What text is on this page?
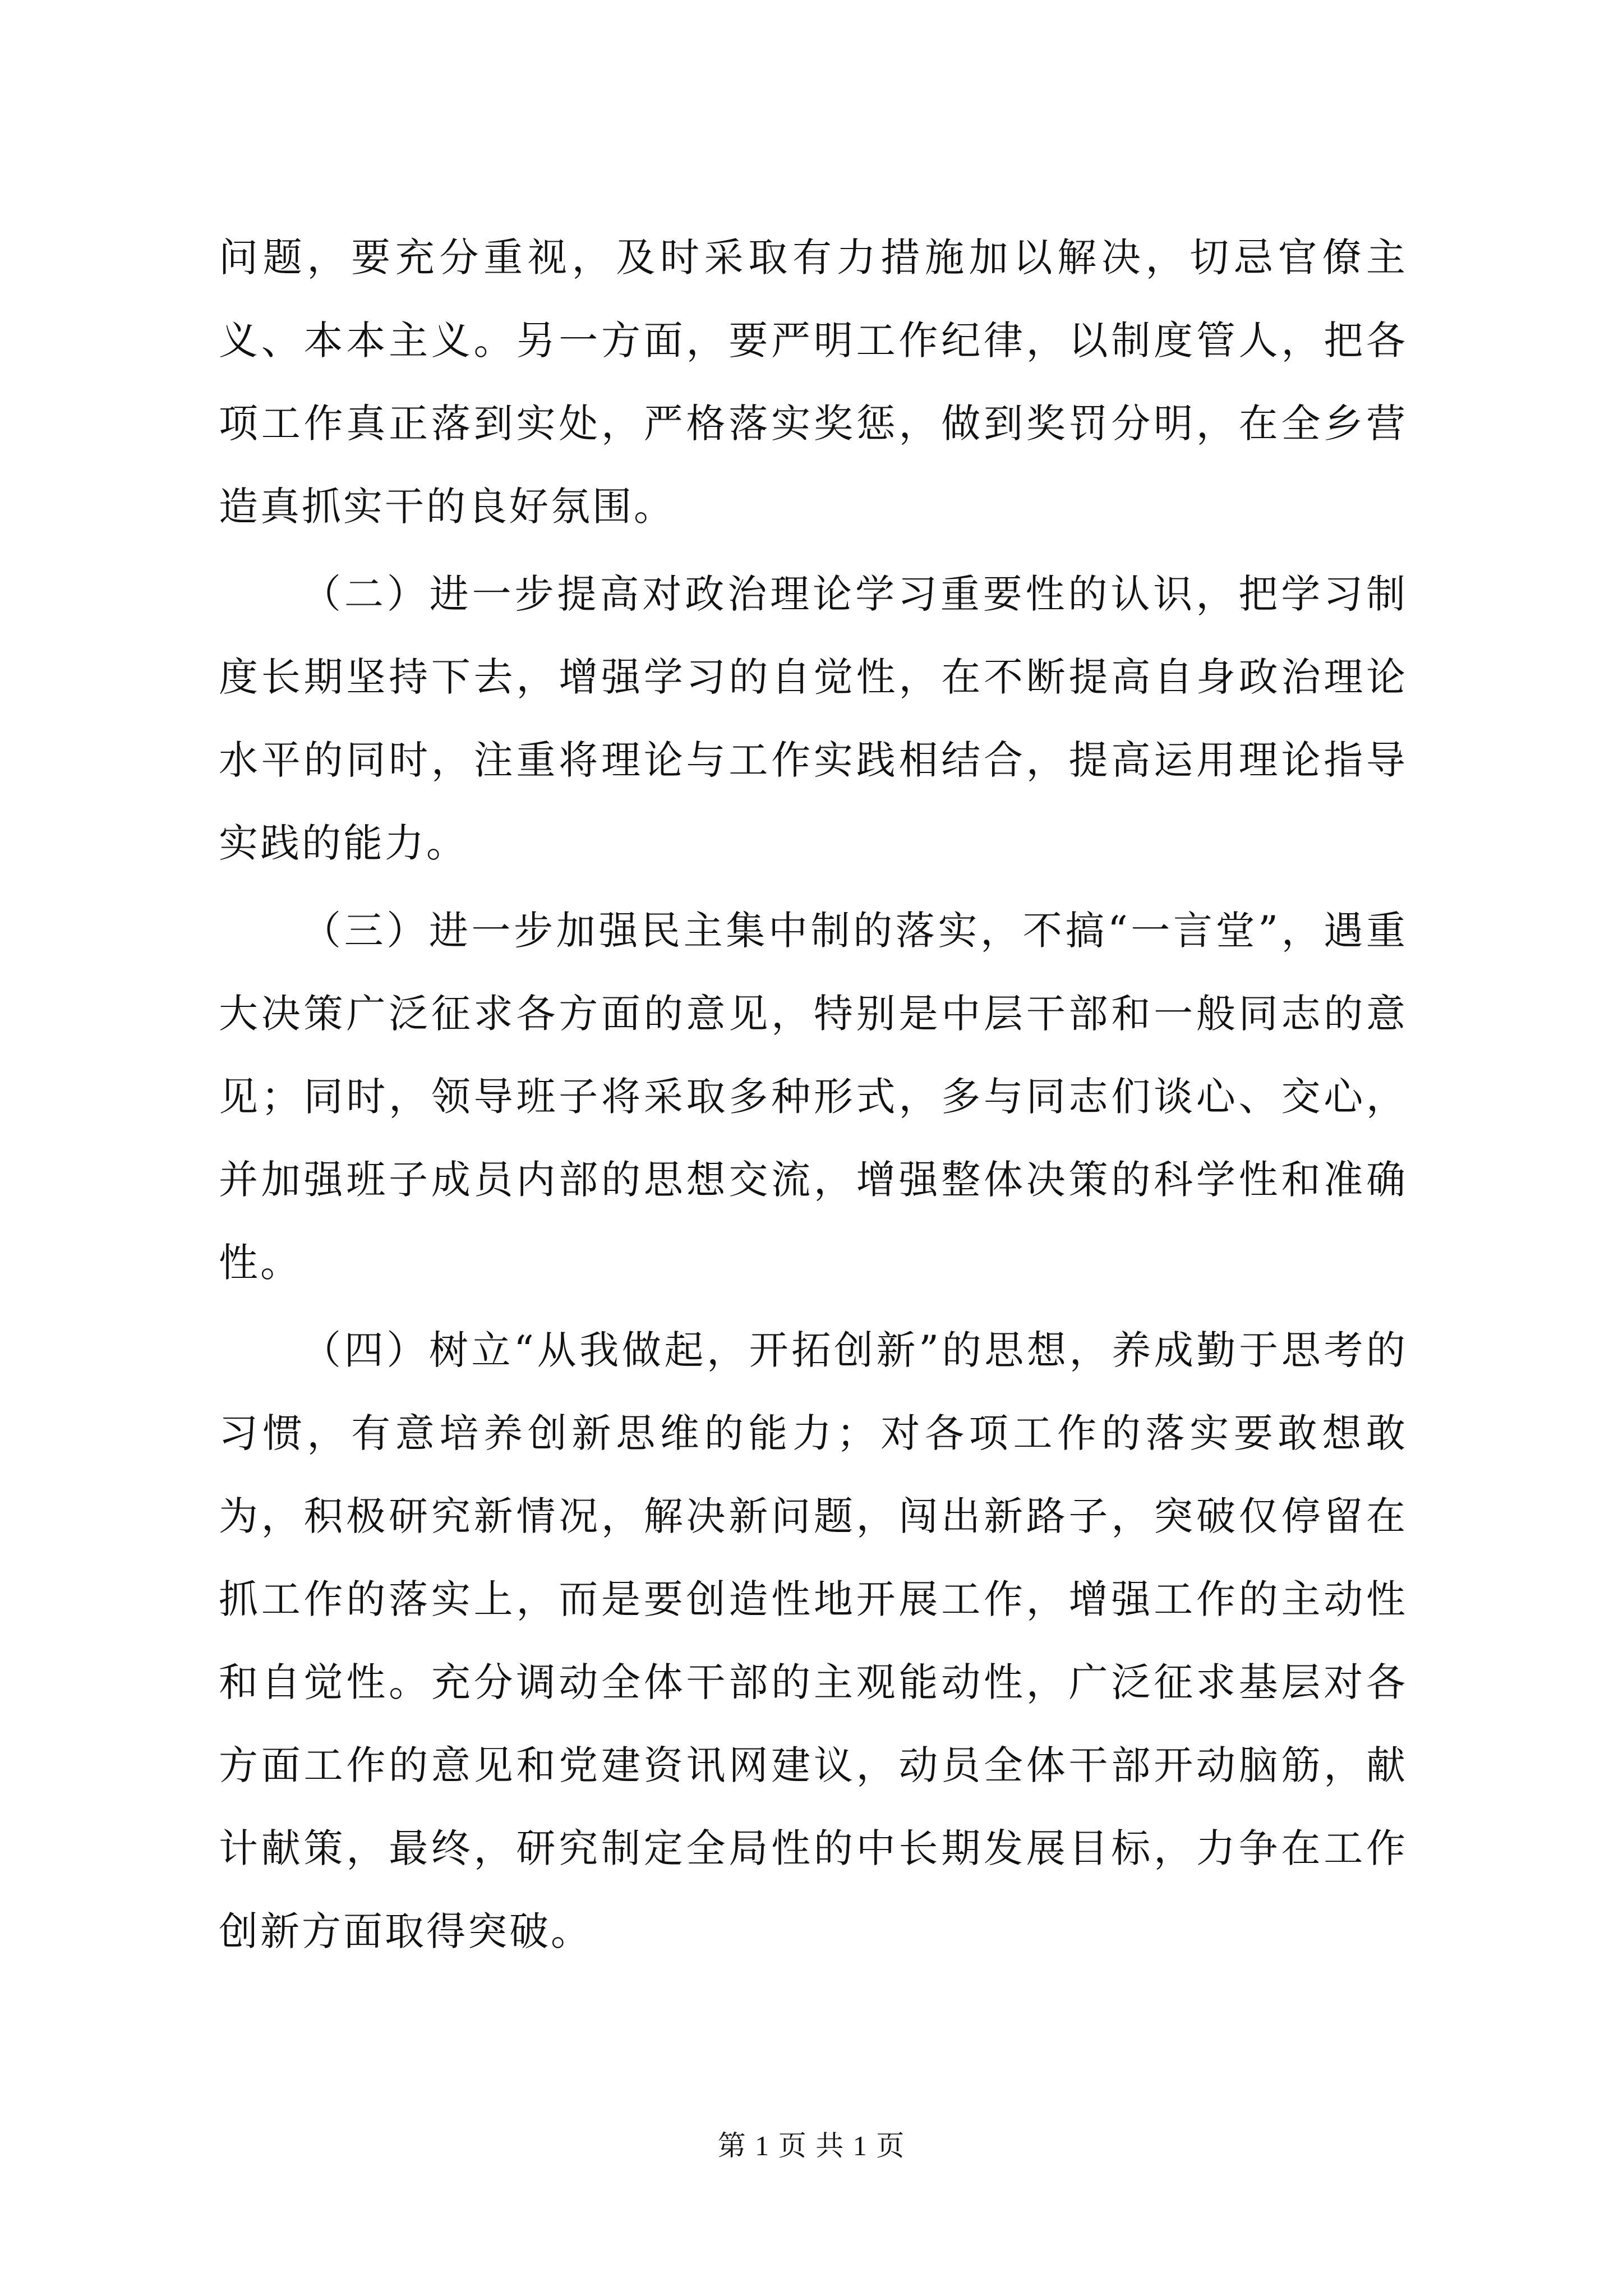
问题，要充分重视，及时采取有力措施加以解决，切忌官僚主义、本本主义。另一方面，要严明工作纪律，以制度管人，把各项工作真正落到实处，严格落实奖惩，做到奖罚分明，在全乡营造真抓实干的良好氛围。

（二）进一步提高对政治理论学习重要性的认识，把学习制度长期坚持下去，增强学习的自觉性，在不断提高自身政治理论水平的同时，注重将理论与工作实践相结合，提高运用理论指导实践的能力。

（三）进一步加强民主集中制的落实，不搞“一言堂”，遇重大决策广泛征求各方面的意见，特别是中层干部和一般同志的意见；同时，领导班子将采取多种形式，多与同志们谈心、交心，并加强班子成员内部的思想交流，增强整体决策的科学性和准确性。

（四）树立“从我做起，开拓创新”的思想，养成勤于思考的习惯，有意培养创新思维的能力；对各项工作的落实要敢想敢为，积极研究新情况，解决新问题，闯出新路子，突破仅停留在抓工作的落实上，而是要创造性地开展工作，增强工作的主动性和自觉性。充分调动全体干部的主观能动性，广泛征求基层对各方面工作的意见和党建资讯网建议，动员全体干部开动脑筋，献计献策，最终，研究制定全局性的中长期发展目标，力争在工作创新方面取得突破。

第 1 页 共 1 页
